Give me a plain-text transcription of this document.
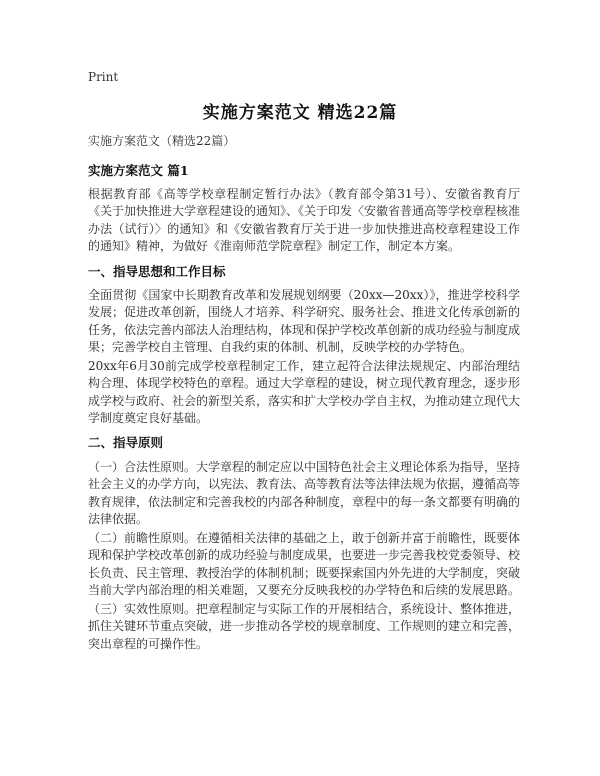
Print
实施方案范文 精选22篇
实施方案范文（精选22篇）
实施方案范文 篇1

根据教育部《高等学校章程制定暂行办法》（教育部令第31号）、安徽省教育厅《关于加快推进大学章程建设的通知》、《关于印发〈安徽省普通高等学校章程核准办法（试行）〉的通知》和《安徽省教育厅关于进一步加快推进高校章程建设工作的通知》精神，为做好《淮南师范学院章程》制定工作，制定本方案。

一、指导思想和工作目标

全面贯彻《国家中长期教育改革和发展规划纲要（20xx—20xx）》，推进学校科学发展；促进改革创新，围绕人才培养、科学研究、服务社会、推进文化传承创新的任务，依法完善内部法人治理结构，体现和保护学校改革创新的成功经验与制度成果；完善学校自主管理、自我约束的体制、机制，反映学校的办学特色。

20xx年6月30前完成学校章程制定工作，建立起符合法律法规规定、内部治理结构合理、体现学校特色的章程。通过大学章程的建设，树立现代教育理念，逐步形成学校与政府、社会的新型关系，落实和扩大学校办学自主权，为推动建立现代大学制度奠定良好基础。

二、指导原则

（一）合法性原则。大学章程的制定应以中国特色社会主义理论体系为指导，坚持社会主义的办学方向，以宪法、教育法、高等教育法等法律法规为依据，遵循高等教育规律，依法制定和完善我校的内部各种制度，章程中的每一条文都要有明确的法律依据。

（二）前瞻性原则。在遵循相关法律的基础之上，敢于创新并富于前瞻性，既要体现和保护学校改革创新的成功经验与制度成果，也要进一步完善我校党委领导、校长负责、民主管理、教授治学的体制机制；既要探索国内外先进的大学制度，突破当前大学内部治理的相关难题，又要充分反映我校的办学特色和后续的发展思路。

（三）实效性原则。把章程制定与实际工作的开展相结合，系统设计、整体推进，抓住关键环节重点突破，进一步推动各学校的规章制度、工作规则的建立和完善，突出章程的可操作性。
